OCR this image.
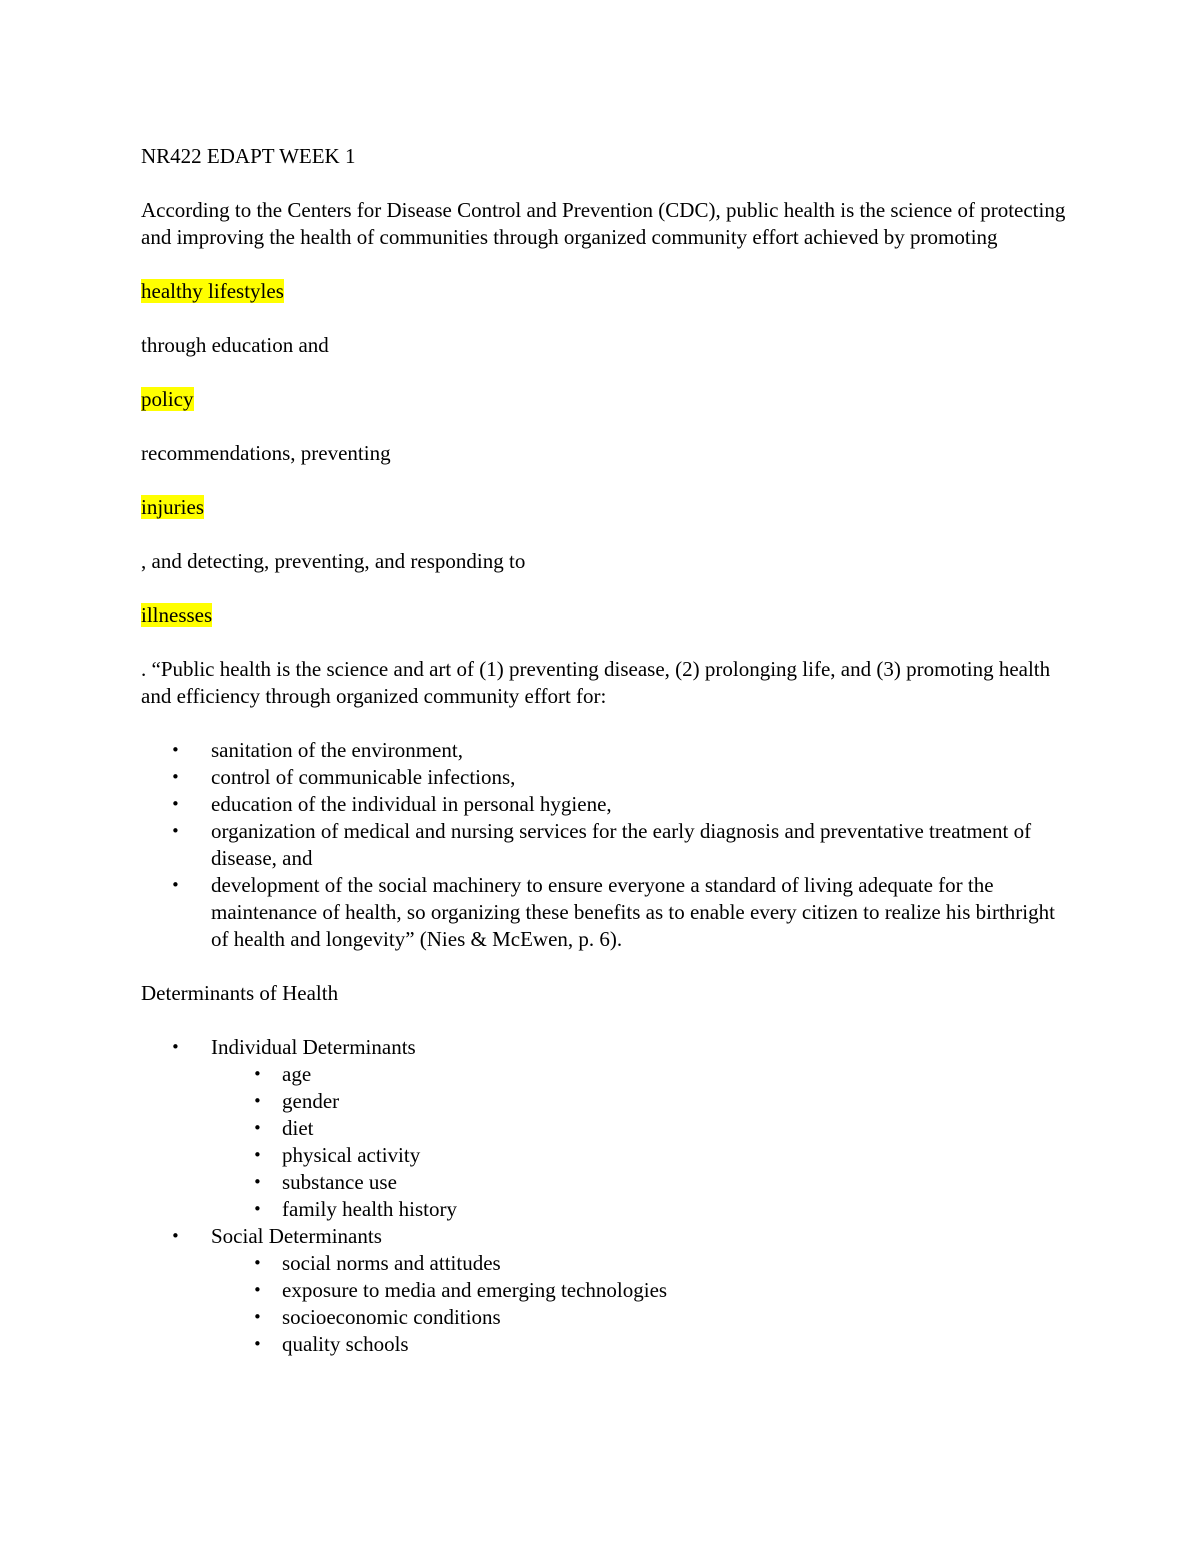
NR422 EDAPT WEEK 1

According to the Centers for Disease Control and Prevention (CDC), public health is the science of protecting and improving the health of communities through organized community effort achieved by promoting

healthy lifestyles

through education and

policy

recommendations, preventing

injuries

, and detecting, preventing, and responding to

illnesses

. “Public health is the science and art of (1) preventing disease, (2) prolonging life, and (3) promoting health and efficiency through organized community effort for:

• sanitation of the environment,
• control of communicable infections,
• education of the individual in personal hygiene,
• organization of medical and nursing services for the early diagnosis and preventative treatment of disease, and
• development of the social machinery to ensure everyone a standard of living adequate for the maintenance of health, so organizing these benefits as to enable every citizen to realize his birthright of health and longevity” (Nies & McEwen, p. 6).

Determinants of Health

• Individual Determinants
• age
• gender
• diet
• physical activity
• substance use
• family health history
• Social Determinants
• social norms and attitudes
• exposure to media and emerging technologies
• socioeconomic conditions
• quality schools
